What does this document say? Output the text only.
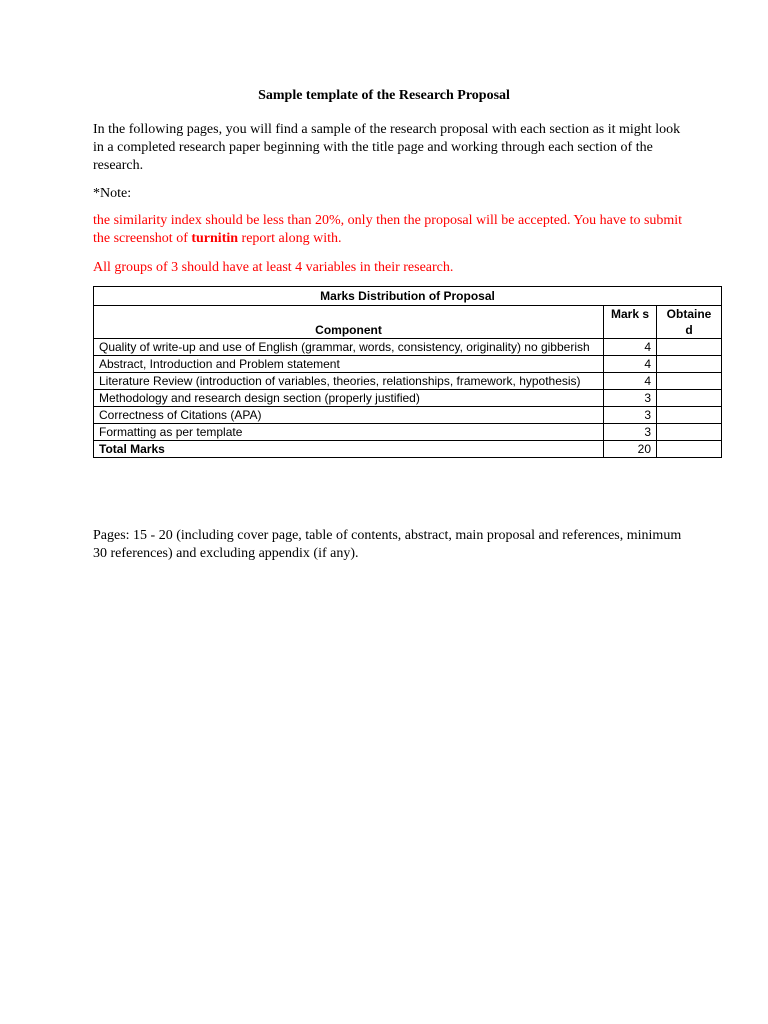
Sample template of the Research Proposal
In the following pages, you will find a sample of the research proposal with each section as it might look in a completed research paper beginning with the title page and working through each section of the research.
*Note:
the similarity index should be less than 20%, only then the proposal will be accepted. You have to submit the screenshot of turnitin report along with.
All groups of 3 should have at least 4 variables in their research.
Marks Distribution of Proposal		
Component	Mark s	Obtaine d
Quality of write-up and use of English (grammar, words, consistency, originality) no gibberish	4	
Abstract, Introduction and Problem statement	4	
Literature Review (introduction of variables, theories, relationships, framework, hypothesis)	4	
Methodology and research design section (properly justified)	3	
Correctness of Citations (APA)	3	
Formatting as per template	3	
Total Marks	20	
Pages: 15 - 20 (including cover page, table of contents, abstract, main proposal and references, minimum 30 references) and excluding appendix (if any).
